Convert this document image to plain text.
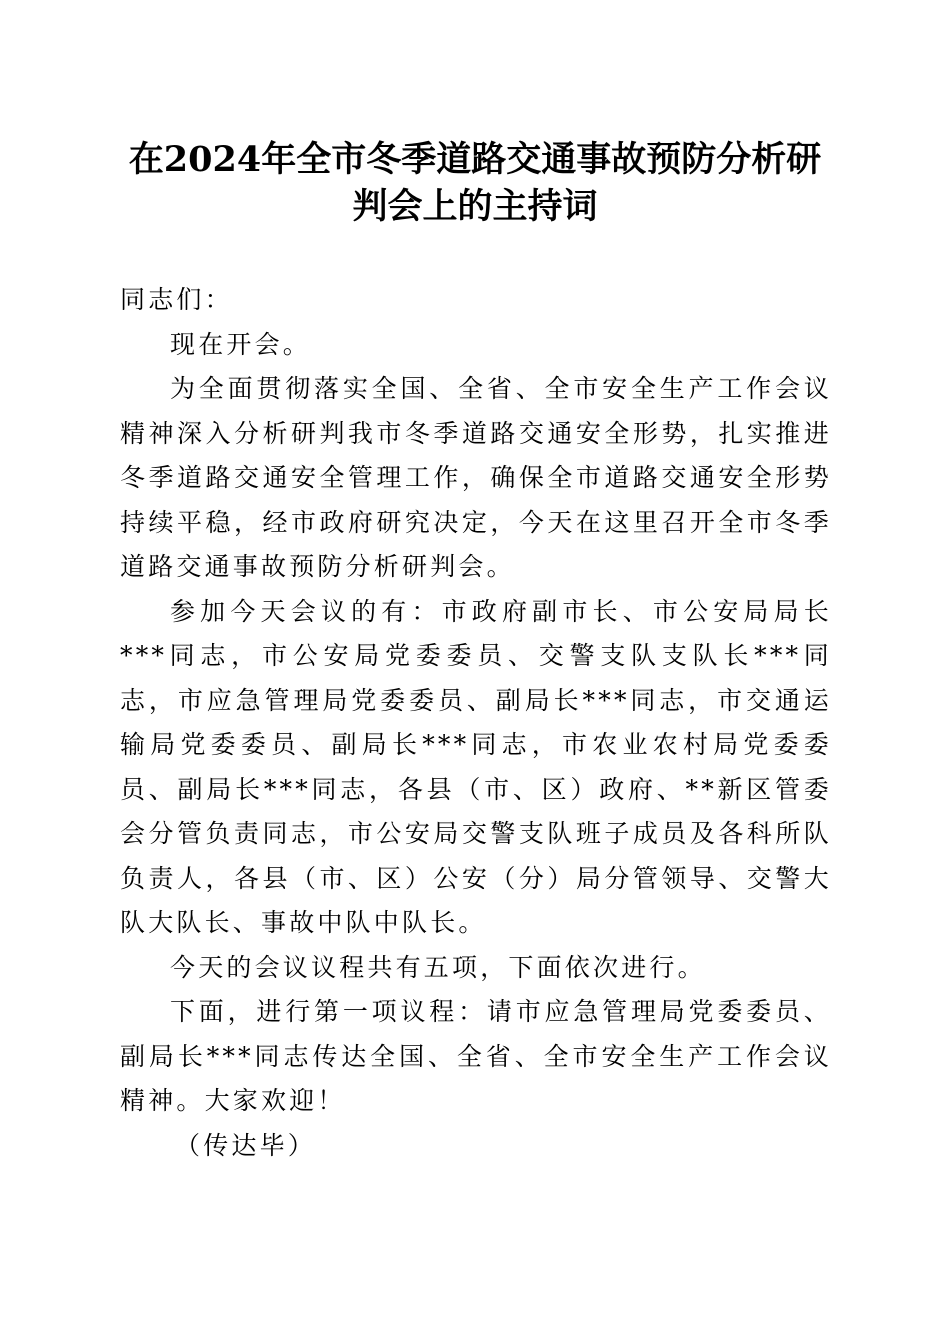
在2024年全市冬季道路交通事故预防分析研
判会上的主持词

同志们：

现在开会。

为全面贯彻落实全国、全省、全市安全生产工作会议精神深入分析研判我市冬季道路交通安全形势，扎实推进冬季道路交通安全管理工作，确保全市道路交通安全形势持续平稳，经市政府研究决定，今天在这里召开全市冬季道路交通事故预防分析研判会。

参加今天会议的有：市政府副市长、市公安局局长***同志，市公安局党委委员、交警支队支队长***同志，市应急管理局党委委员、副局长***同志，市交通运输局党委委员、副局长***同志，市农业农村局党委委员、副局长***同志，各县（市、区）政府、**新区管委会分管负责同志，市公安局交警支队班子成员及各科所队负责人，各县（市、区）公安（分）局分管领导、交警大队大队长、事故中队中队长。

今天的会议议程共有五项，下面依次进行。

下面，进行第一项议程：请市应急管理局党委委员、副局长***同志传达全国、全省、全市安全生产工作会议精神。大家欢迎！

（传达毕）
